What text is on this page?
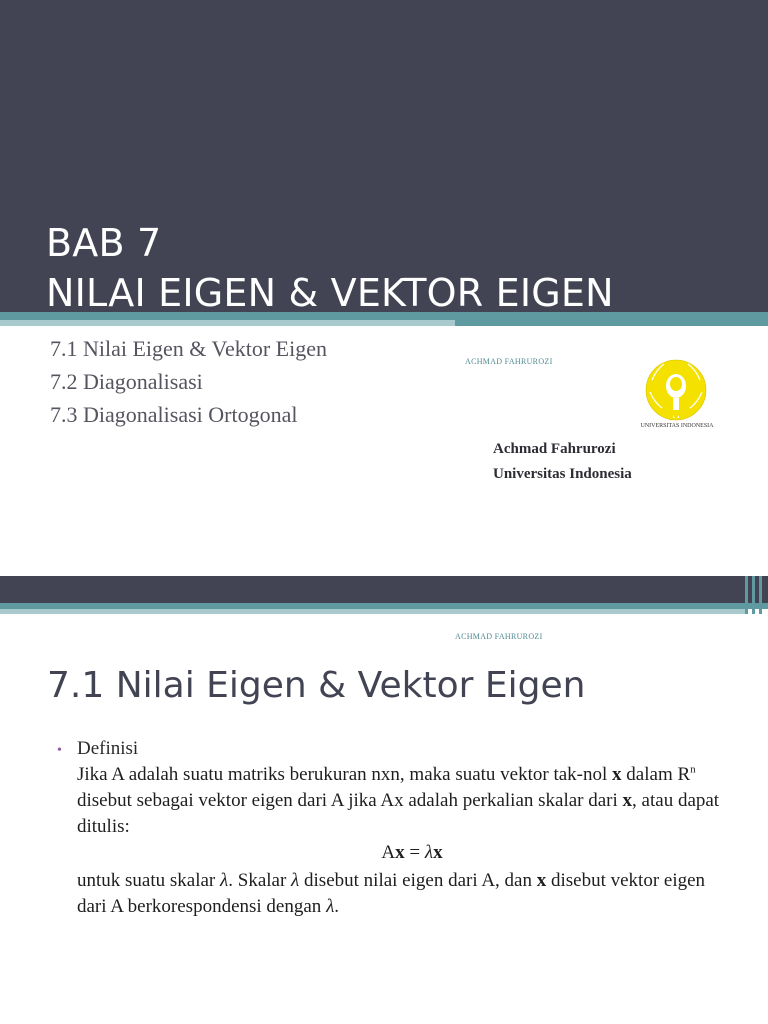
BAB 7
NILAI EIGEN & VEKTOR EIGEN
7.1 Nilai Eigen & Vektor Eigen
7.2 Diagonalisasi
7.3 Diagonalisasi Ortogonal
ACHMAD FAHRUROZI
UNIVERSITAS INDONESIA
Achmad Fahrurozi
Universitas Indonesia
ACHMAD FAHRUROZI
7.1 Nilai Eigen & Vektor Eigen
• Definisi

Jika A adalah suatu matriks berukuran nxn, maka suatu vektor tak-nol x dalam $R^n$ disebut sebagai vektor eigen dari A jika Ax adalah perkalian skalar dari x, atau dapat ditulis:

Ax = λx

untuk suatu skalar λ. Skalar λ disebut nilai eigen dari A, dan x disebut vektor eigen dari A berkorespondensi dengan λ.
